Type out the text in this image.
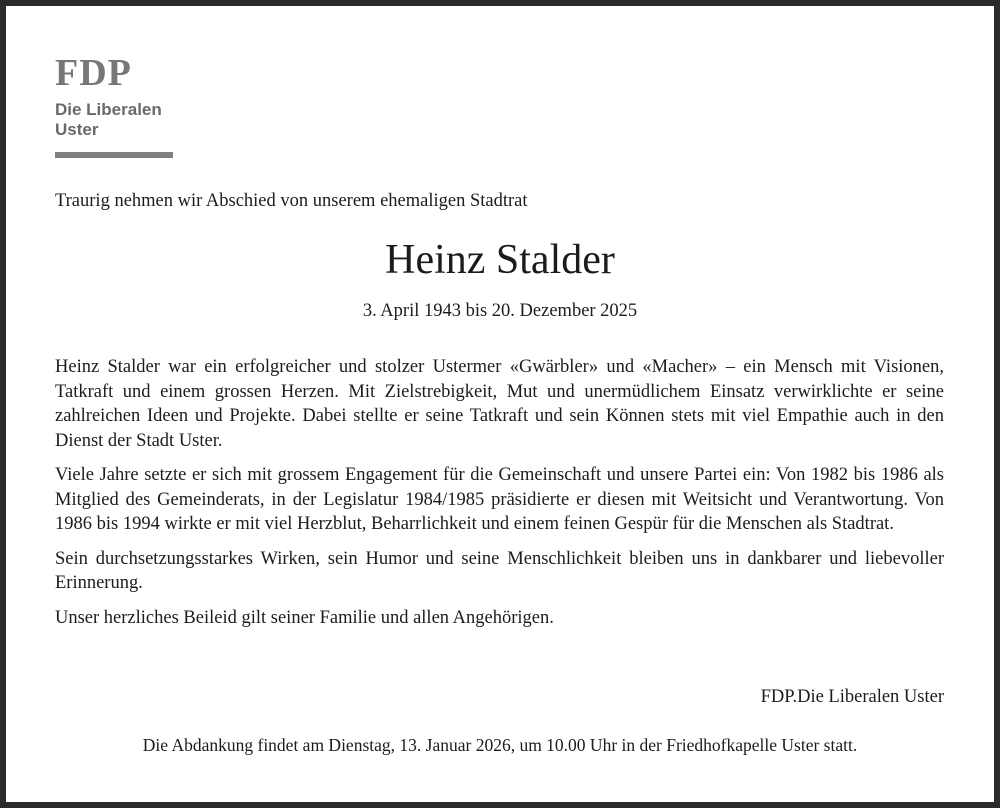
FDP
Die Liberalen
Uster
Traurig nehmen wir Abschied von unserem ehemaligen Stadtrat
Heinz Stalder
3. April 1943 bis 20. Dezember 2025

Heinz Stalder war ein erfolgreicher und stolzer Ustermer «Gwärbler» und «Macher» – ein Mensch mit Visionen, Tatkraft und einem grossen Herzen. Mit Zielstrebigkeit, Mut und unermüdlichem Einsatz verwirklichte er seine zahlreichen Ideen und Projekte. Dabei stellte er seine Tatkraft und sein Können stets mit viel Empathie auch in den Dienst der Stadt Uster.

Viele Jahre setzte er sich mit grossem Engagement für die Gemeinschaft und unsere Partei ein: Von 1982 bis 1986 als Mitglied des Gemeinderats, in der Legislatur 1984/1985 präsidierte er diesen mit Weitsicht und Verantwortung. Von 1986 bis 1994 wirkte er mit viel Herzblut, Beharrlichkeit und einem feinen Gespür für die Menschen als Stadtrat.

Sein durchsetzungsstarkes Wirken, sein Humor und seine Menschlichkeit bleiben uns in dankbarer und liebevoller Erinnerung.

Unser herzliches Beileid gilt seiner Familie und allen Angehörigen.

FDP.Die Liberalen Uster
Die Abdankung findet am Dienstag, 13. Januar 2026, um 10.00 Uhr in der Friedhofkapelle Uster statt.
